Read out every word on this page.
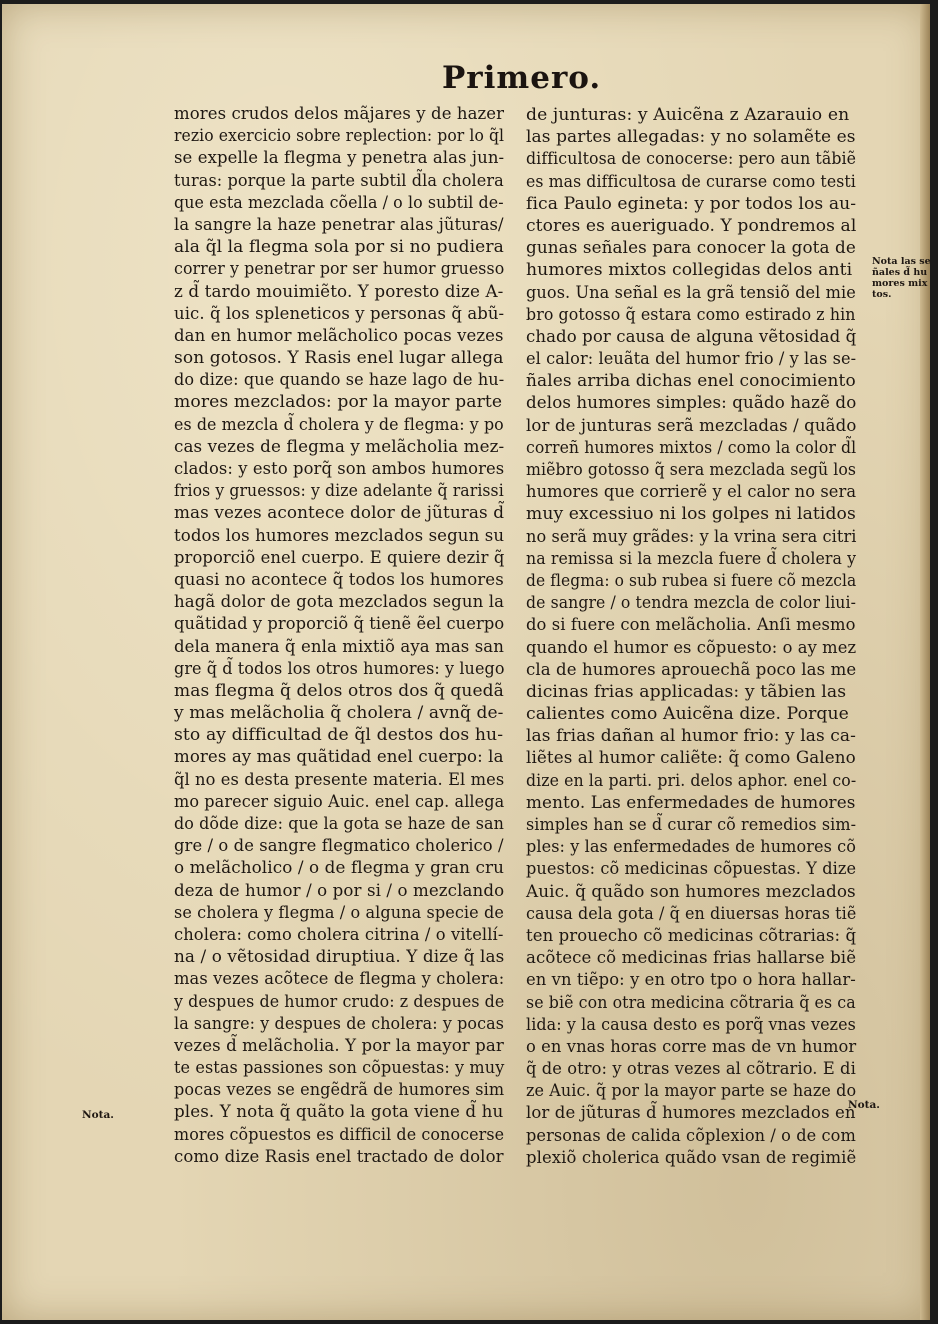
Primero.
mores crudos delos mãjares y de hazer
rezio exercicio sobre replection: por lo q̃l
se expelle la flegma y penetra alas jun-
turas: porque la parte subtil d̃la cholera
que esta mezclada cõella / o lo subtil de-
la sangre la haze penetrar alas jũturas/
ala q̃l la flegma sola por si no pudiera
correr y penetrar por ser humor gruesso
z d̃ tardo mouimiẽto. Y poresto dize A-
uic. q̃ los spleneticos y personas q̃ abũ-
dan en humor melãcholico pocas vezes
son gotosos. Y Rasis enel lugar allega
do dize: que quando se haze lago de hu-
mores mezclados: por la mayor parte
es de mezcla d̃ cholera y de flegma: y po
cas vezes de flegma y melãcholia mez-
clados: y esto porq̃ son ambos humores
frios y gruessos: y dize adelante q̃ rarissi
mas vezes acontece dolor de jũturas d̃
todos los humores mezclados segun su
proporciõ enel cuerpo. E quiere dezir q̃
quasi no acontece q̃ todos los humores
hagã dolor de gota mezclados segun la
quãtidad y proporciõ q̃ tienẽ ẽel cuerpo
dela manera q̃ enla mixtiõ aya mas san
gre q̃ d̃ todos los otros humores: y luego
mas flegma q̃ delos otros dos q̃ quedã
y mas melãcholia q̃ cholera / avnq̃ de-
sto ay difficultad de q̃l destos dos hu-
mores ay mas quãtidad enel cuerpo: la
q̃l no es desta presente materia. El mes
mo parecer siguio Auic. enel cap. allega
do dõde dize: que la gota se haze de san
gre / o de sangre flegmatico cholerico /
o melãcholico / o de flegma y gran cru
deza de humor / o por si / o mezclando
se cholera y flegma / o alguna specie de
cholera: como cholera citrina / o vitellí-
na / o vẽtosidad diruptiua. Y dize q̃ las
mas vezes acõtece de flegma y cholera:
y despues de humor crudo: z despues de
la sangre: y despues de cholera: y pocas
vezes d̃ melãcholia. Y por la mayor par
te estas passiones son cõpuestas: y muy
pocas vezes se engẽdrã de humores sim
ples. Y nota q̃ quãto la gota viene d̃ hu
mores cõpuestos es difficil de conocerse
como dize Rasis enel tractado de dolor
de junturas: y Auicẽna z Azarauio en
las partes allegadas: y no solamẽte es
difficultosa de conocerse: pero aun tãbiẽ
es mas difficultosa de curarse como testi
fica Paulo egineta: y por todos los au-
ctores es aueriguado. Y pondremos al
gunas señales para conocer la gota de
humores mixtos collegidas delos anti
guos. Una señal es la grã tensiõ del mie
bro gotosso q̃ estara como estirado z hin
chado por causa de alguna vẽtosidad q̃
el calor: leuãta del humor frio / y las se-
ñales arriba dichas enel conocimiento
delos humores simples: quãdo hazẽ do
lor de junturas serã mezcladas / quãdo
correñ humores mixtos / como la color d̃l
miẽbro gotosso q̃ sera mezclada segũ los
humores que corrierẽ y el calor no sera
muy excessiuo ni los golpes ni latidos
no serã muy grãdes: y la vrina sera citri
na remissa si la mezcla fuere d̃ cholera y
de flegma: o sub rubea si fuere cõ mezcla
de sangre / o tendra mezcla de color liui-
do si fuere con melãcholia. Anſi mesmo
quando el humor es cõpuesto: o ay mez
cla de humores aprouechã poco las me
dicinas frias applicadas: y tãbien las
calientes como Auicẽna dize. Porque
las frias dañan al humor frio: y las ca-
liẽtes al humor caliẽte: q̃ como Galeno
dize en la parti. pri. delos aphor. enel co-
mento. Las enfermedades de humores
simples han se d̃ curar cõ remedios sim-
ples: y las enfermedades de humores cõ
puestos: cõ medicinas cõpuestas. Y dize
Auic. q̃ quãdo son humores mezclados
causa dela gota / q̃ en diuersas horas tiẽ
ten prouecho cõ medicinas cõtrarias: q̃
acõtece cõ medicinas frias hallarse biẽ
en vn tiẽpo: y en otro tpo o hora hallar-
se biẽ con otra medicina cõtraria q̃ es ca
lida: y la causa desto es porq̃ vnas vezes
o en vnas horas corre mas de vn humor
q̃ de otro: y otras vezes al cõtrario. E di
ze Auic. q̃ por la mayor parte se haze do
lor de jũturas d̃ humores mezclados en
personas de calida cõplexion / o de com
plexiõ cholerica quãdo vsan de regimiẽ
Nota las se
ñales d̃ hu
mores mix
tos.
Nota.
Nota.
